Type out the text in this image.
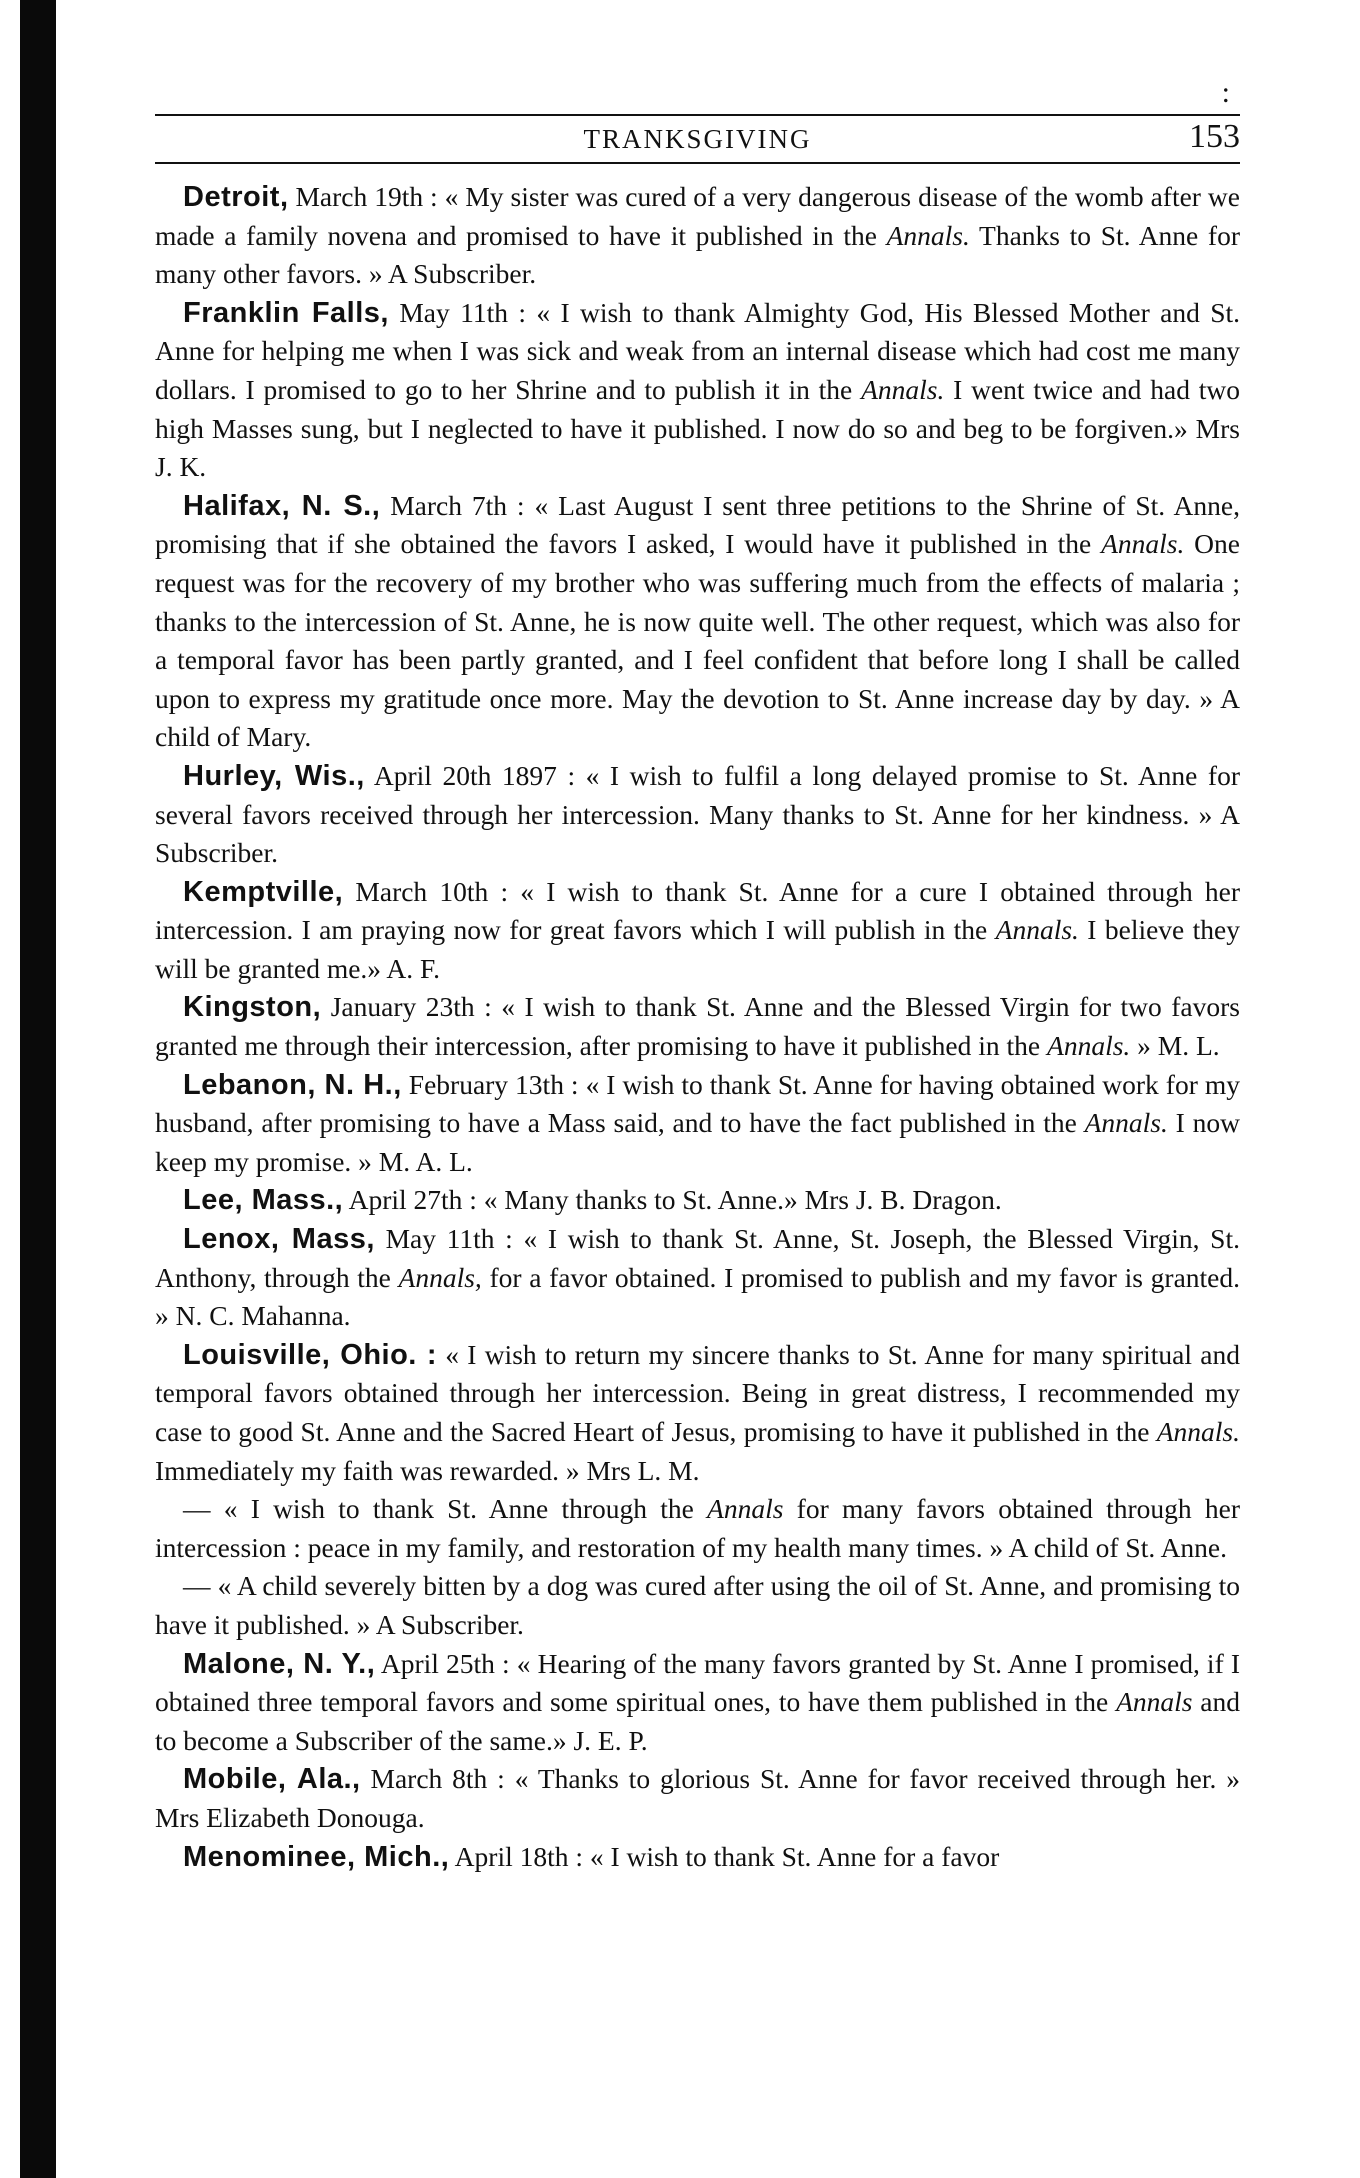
:
TRANKSGIVING	153

Detroit, March 19th : « My sister was cured of a very dangerous disease of the womb after we made a family novena and promised to have it published in the Annals. Thanks to St. Anne for many other favors. » A Subscriber.

Franklin Falls, May 11th : « I wish to thank Almighty God, His Blessed Mother and St. Anne for helping me when I was sick and weak from an internal disease which had cost me many dollars. I promised to go to her Shrine and to publish it in the Annals. I went twice and had two high Masses sung, but I neglected to have it published. I now do so and beg to be forgiven.» Mrs J. K.

Halifax, N. S., March 7th : « Last August I sent three petitions to the Shrine of St. Anne, promising that if she obtained the favors I asked, I would have it published in the Annals. One request was for the recovery of my brother who was suffering much from the effects of malaria ; thanks to the intercession of St. Anne, he is now quite well. The other request, which was also for a temporal favor has been partly granted, and I feel confident that before long I shall be called upon to express my gratitude once more. May the devotion to St. Anne increase day by day. » A child of Mary.

Hurley, Wis., April 20th 1897 : « I wish to fulfil a long delayed promise to St. Anne for several favors received through her intercession. Many thanks to St. Anne for her kindness. » A Subscriber.

Kemptville, March 10th : « I wish to thank St. Anne for a cure I obtained through her intercession. I am praying now for great favors which I will publish in the Annals. I believe they will be granted me.» A. F.

Kingston, January 23th : « I wish to thank St. Anne and the Blessed Virgin for two favors granted me through their intercession, after promising to have it published in the Annals. » M. L.

Lebanon, N. H., February 13th : « I wish to thank St. Anne for having obtained work for my husband, after promising to have a Mass said, and to have the fact published in the Annals. I now keep my promise. » M. A. L.

Lee, Mass., April 27th : « Many thanks to St. Anne.» Mrs J. B. Dragon.

Lenox, Mass, May 11th : « I wish to thank St. Anne, St. Joseph, the Blessed Virgin, St. Anthony, through the Annals, for a favor obtained. I promised to publish and my favor is granted. » N. C. Mahanna.

Louisville, Ohio. : « I wish to return my sincere thanks to St. Anne for many spiritual and temporal favors obtained through her intercession. Being in great distress, I recommended my case to good St. Anne and the Sacred Heart of Jesus, promising to have it published in the Annals. Immediately my faith was rewarded. » Mrs L. M.

— « I wish to thank St. Anne through the Annals for many favors obtained through her intercession : peace in my family, and restoration of my health many times. » A child of St. Anne.

— « A child severely bitten by a dog was cured after using the oil of St. Anne, and promising to have it published. » A Subscriber.

Malone, N. Y., April 25th : « Hearing of the many favors granted by St. Anne I promised, if I obtained three temporal favors and some spiritual ones, to have them published in the Annals and to become a Subscriber of the same.» J. E. P.

Mobile, Ala., March 8th : « Thanks to glorious St. Anne for favor received through her. » Mrs Elizabeth Donouga.

Menominee, Mich., April 18th : « I wish to thank St. Anne for a favor
